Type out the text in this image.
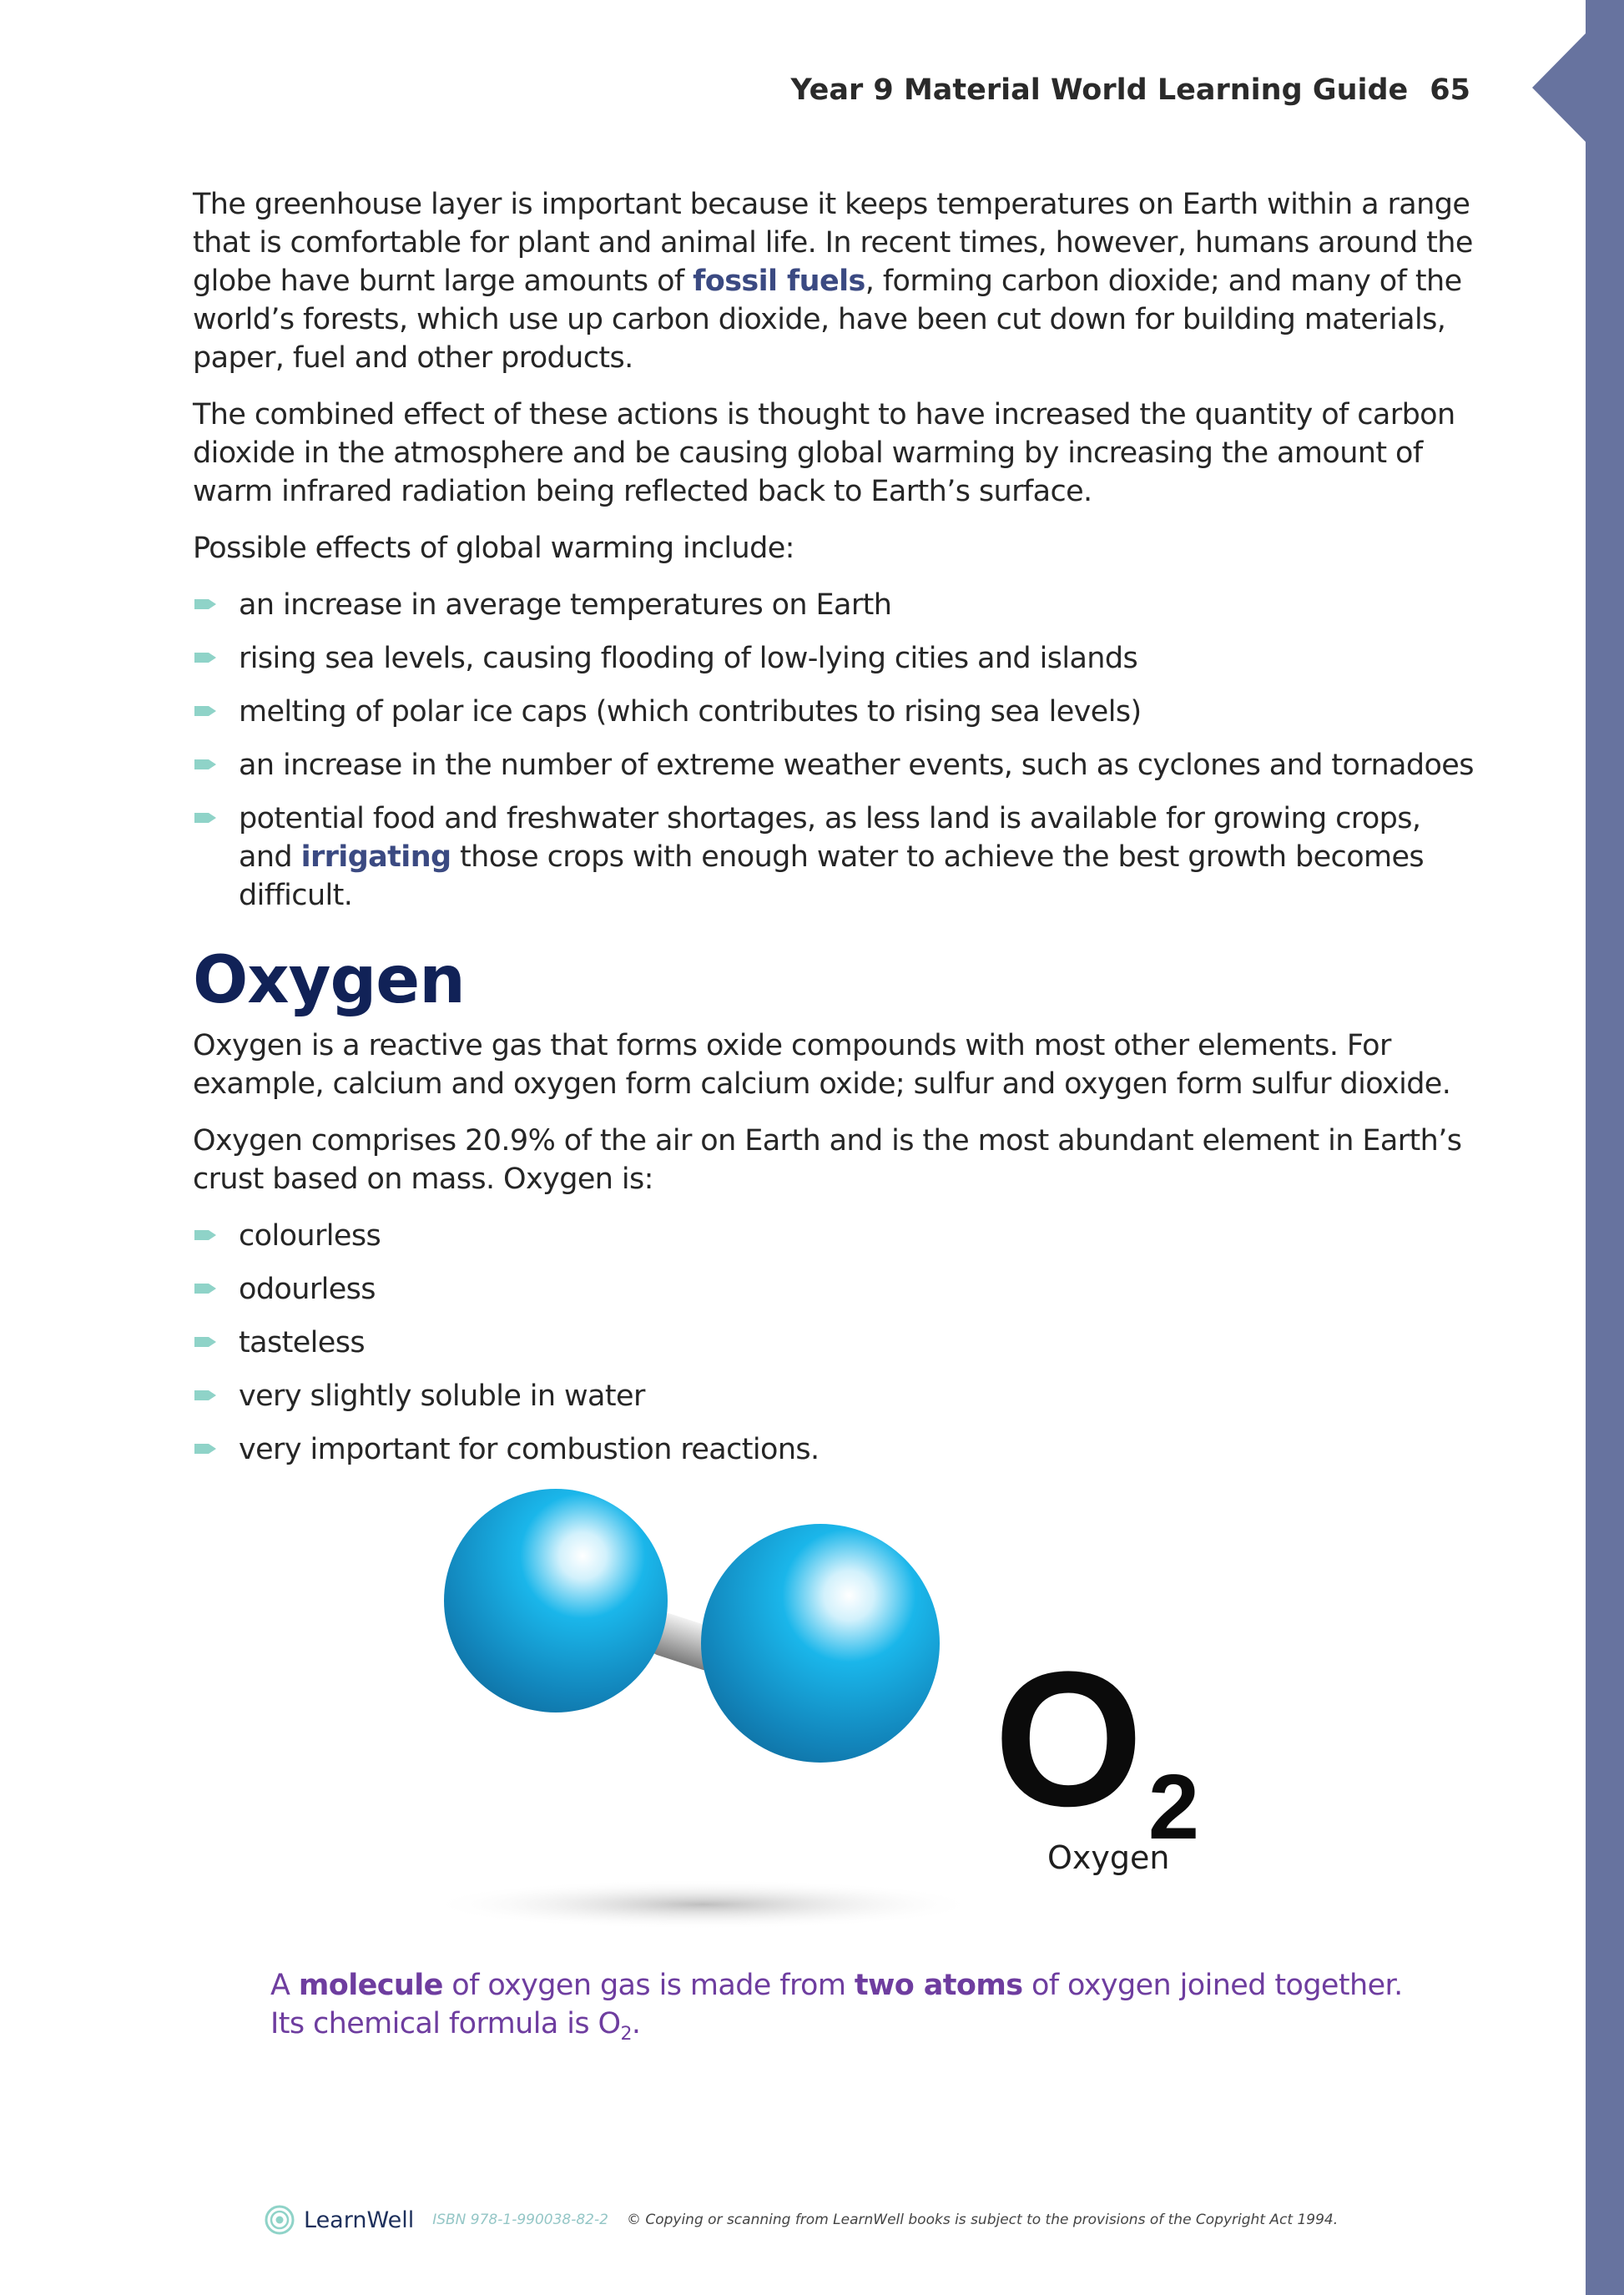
Year 9 Material World Learning Guide 65

The greenhouse layer is important because it keeps temperatures on Earth within a range that is comfortable for plant and animal life. In recent times, however, humans around the globe have burnt large amounts of fossil fuels, forming carbon dioxide; and many of the world’s forests, which use up carbon dioxide, have been cut down for building materials, paper, fuel and other products.

The combined effect of these actions is thought to have increased the quantity of carbon dioxide in the atmosphere and be causing global warming by increasing the amount of warm infrared radiation being reflected back to Earth’s surface.

Possible effects of global warming include:

an increase in average temperatures on Earth
rising sea levels, causing flooding of low-lying cities and islands
melting of polar ice caps (which contributes to rising sea levels)
an increase in the number of extreme weather events, such as cyclones and tornadoes
potential food and freshwater shortages, as less land is available for growing crops, and irrigating those crops with enough water to achieve the best growth becomes difficult.
Oxygen

Oxygen is a reactive gas that forms oxide compounds with most other elements. For example, calcium and oxygen form calcium oxide; sulfur and oxygen form sulfur dioxide.

Oxygen comprises 20.9% of the air on Earth and is the most abundant element in Earth’s crust based on mass. Oxygen is:

colourless
odourless
tasteless
very slightly soluble in water
very important for combustion reactions.
O2
Oxygen
A molecule of oxygen gas is made from two atoms of oxygen joined together. Its chemical formula is $O_2$.
LearnWell ISBN 978-1-990038-82-2 © Copying or scanning from LearnWell books is subject to the provisions of the Copyright Act 1994.
